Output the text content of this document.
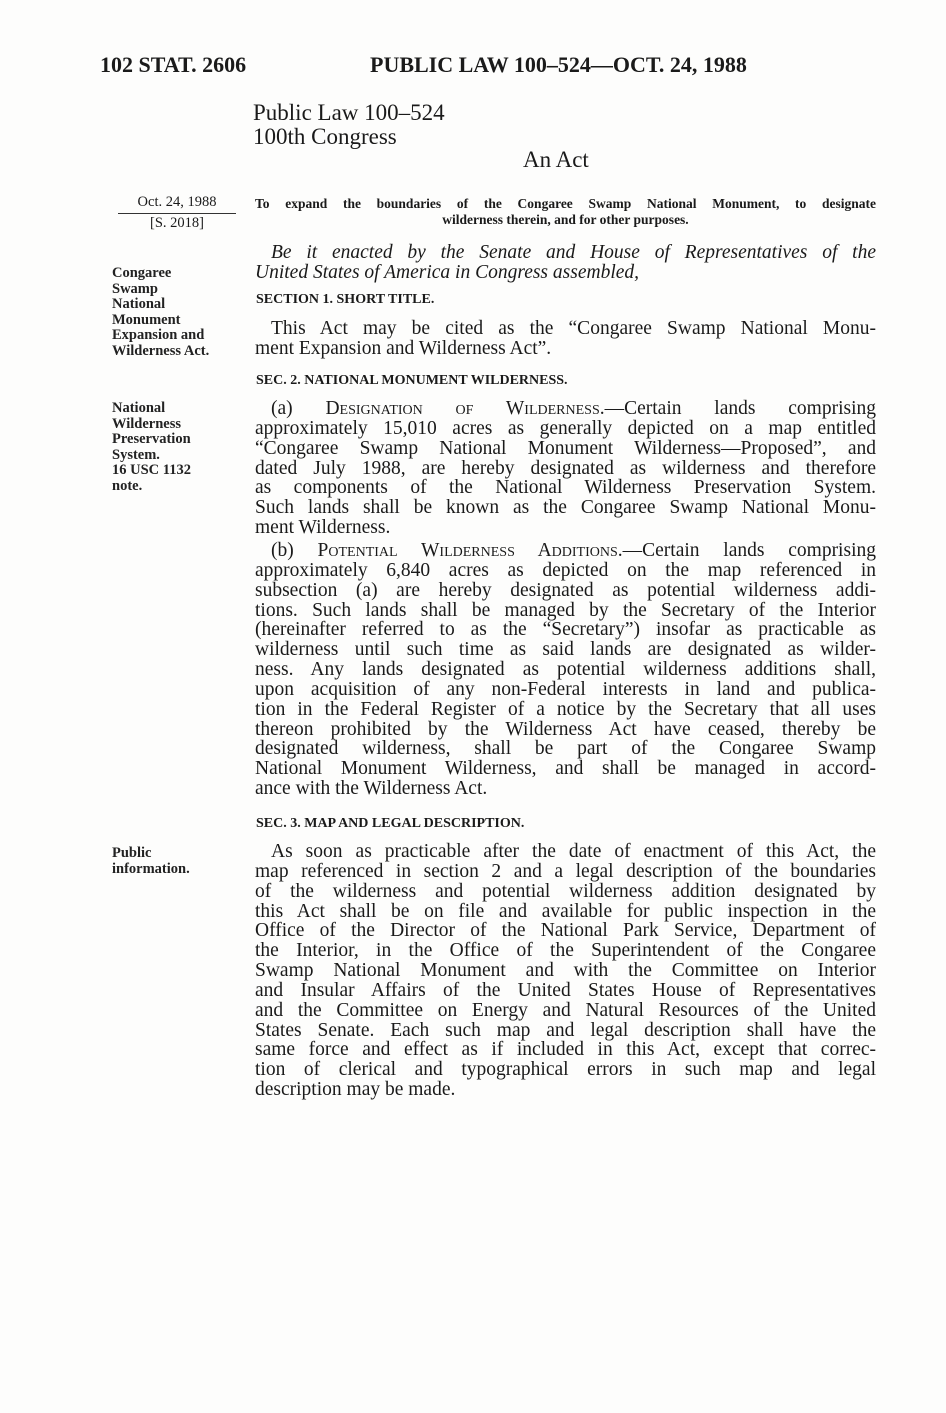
102 STAT. 2606	PUBLIC LAW 100–524—OCT. 24, 1988
Public Law 100–524
100th Congress
An Act
Oct. 24, 1988
[S. 2018]
To expand the boundaries of the Congaree Swamp National Monument, to designate
wilderness therein, and for other purposes.
Be it enacted by the Senate and House of Representatives of the
United States of America in Congress assembled,
Congaree
Swamp
National
Monument
Expansion and
Wilderness Act.
National
Wilderness
Preservation
System.
16 USC 1132
note.
Public
information.
SECTION 1. SHORT TITLE.
This Act may be cited as the “Congaree Swamp National Monu-
ment Expansion and Wilderness Act”.
SEC. 2. NATIONAL MONUMENT WILDERNESS.
(a) Designation of Wilderness.—Certain lands comprising
approximately 15,010 acres as generally depicted on a map entitled
“Congaree Swamp National Monument Wilderness—Proposed”, and
dated July 1988, are hereby designated as wilderness and therefore
as components of the National Wilderness Preservation System.
Such lands shall be known as the Congaree Swamp National Monu-
ment Wilderness.
(b) Potential Wilderness Additions.—Certain lands comprising
approximately 6,840 acres as depicted on the map referenced in
subsection (a) are hereby designated as potential wilderness addi-
tions. Such lands shall be managed by the Secretary of the Interior
(hereinafter referred to as the “Secretary”) insofar as practicable as
wilderness until such time as said lands are designated as wilder-
ness. Any lands designated as potential wilderness additions shall,
upon acquisition of any non-Federal interests in land and publica-
tion in the Federal Register of a notice by the Secretary that all uses
thereon prohibited by the Wilderness Act have ceased, thereby be
designated wilderness, shall be part of the Congaree Swamp
National Monument Wilderness, and shall be managed in accord-
ance with the Wilderness Act.
SEC. 3. MAP AND LEGAL DESCRIPTION.
As soon as practicable after the date of enactment of this Act, the
map referenced in section 2 and a legal description of the boundaries
of the wilderness and potential wilderness addition designated by
this Act shall be on file and available for public inspection in the
Office of the Director of the National Park Service, Department of
the Interior, in the Office of the Superintendent of the Congaree
Swamp National Monument and with the Committee on Interior
and Insular Affairs of the United States House of Representatives
and the Committee on Energy and Natural Resources of the United
States Senate. Each such map and legal description shall have the
same force and effect as if included in this Act, except that correc-
tion of clerical and typographical errors in such map and legal
description may be made.
